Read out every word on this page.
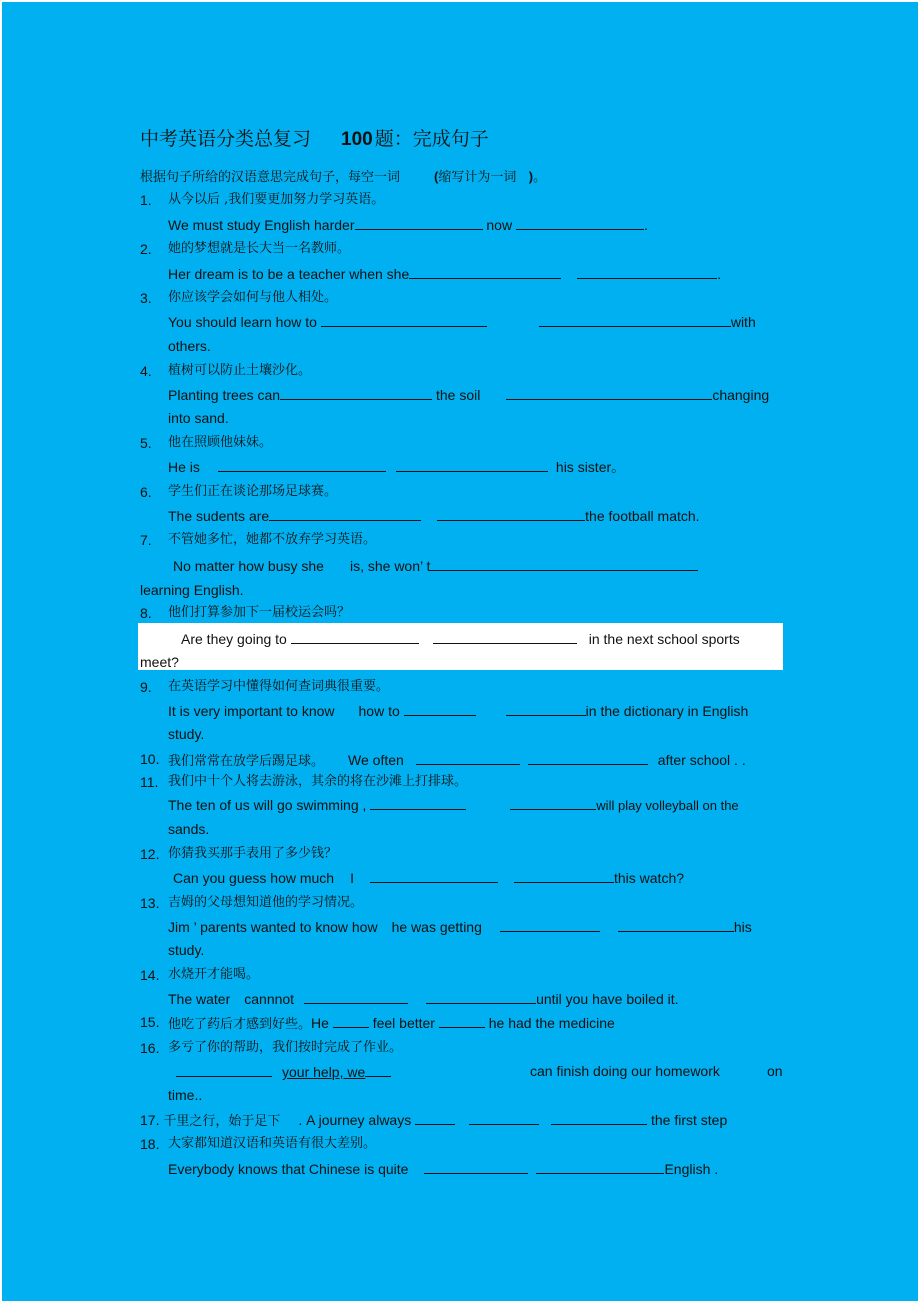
中考英语分类总复习 100 题：完成句子
根据句子所给的汉语意思完成句子，每空一词	(缩写计为一词 )。
1. 从今以后 ,我们要更加努力学习英语。
We must study English harder	now	.
2. 她的梦想就是长大当一名教师。
Her dream is to be a teacher when she	.
3. 你应该学会如何与他人相处。
You should learn how to	with
others.
4. 植树可以防止土壤沙化。
Planting trees can	the soil	changing
into sand.
5. 他在照顾他妹妹。
He is	his sister。
6. 学生们正在谈论那场足球赛。
The sudents are	the football match.
7. 不管她多忙，她都不放弃学习英语。
No matter how busy she is, she won’ t
learning English.
8. 他们打算参加下一届校运会吗？
Are they going to	in the next school sports
meet?
9. 在英语学习中懂得如何查词典很重要。
It is very important to know how to	in the dictionary in English
study.
10. 我们常常在放学后踢足球。 We often	after school . .
11. 我们中十个人将去游泳，其余的将在沙滩上打排球。
The ten of us will go swimming ,	will play volleyball on the
sands.
12. 你猜我买那手表用了多少钱？
Can you guess how much I	this watch?
13. 吉姆的父母想知道他的学习情况。
Jim ’ parents wanted to know how he was getting	his
study.
14. 水烧开才能喝。
The water cannnot	until you have boiled it.
15. 他吃了药后才感到好些。He	feel better	he had the medicine
16. 多亏了你的帮助，我们按时完成了作业。
your help, we	can finish doing our homework	on
time..
17. 千里之行，始于足下 . A journey always	the first step
18. 大家都知道汉语和英语有很大差别。
Everybody knows that Chinese is quite	English .
